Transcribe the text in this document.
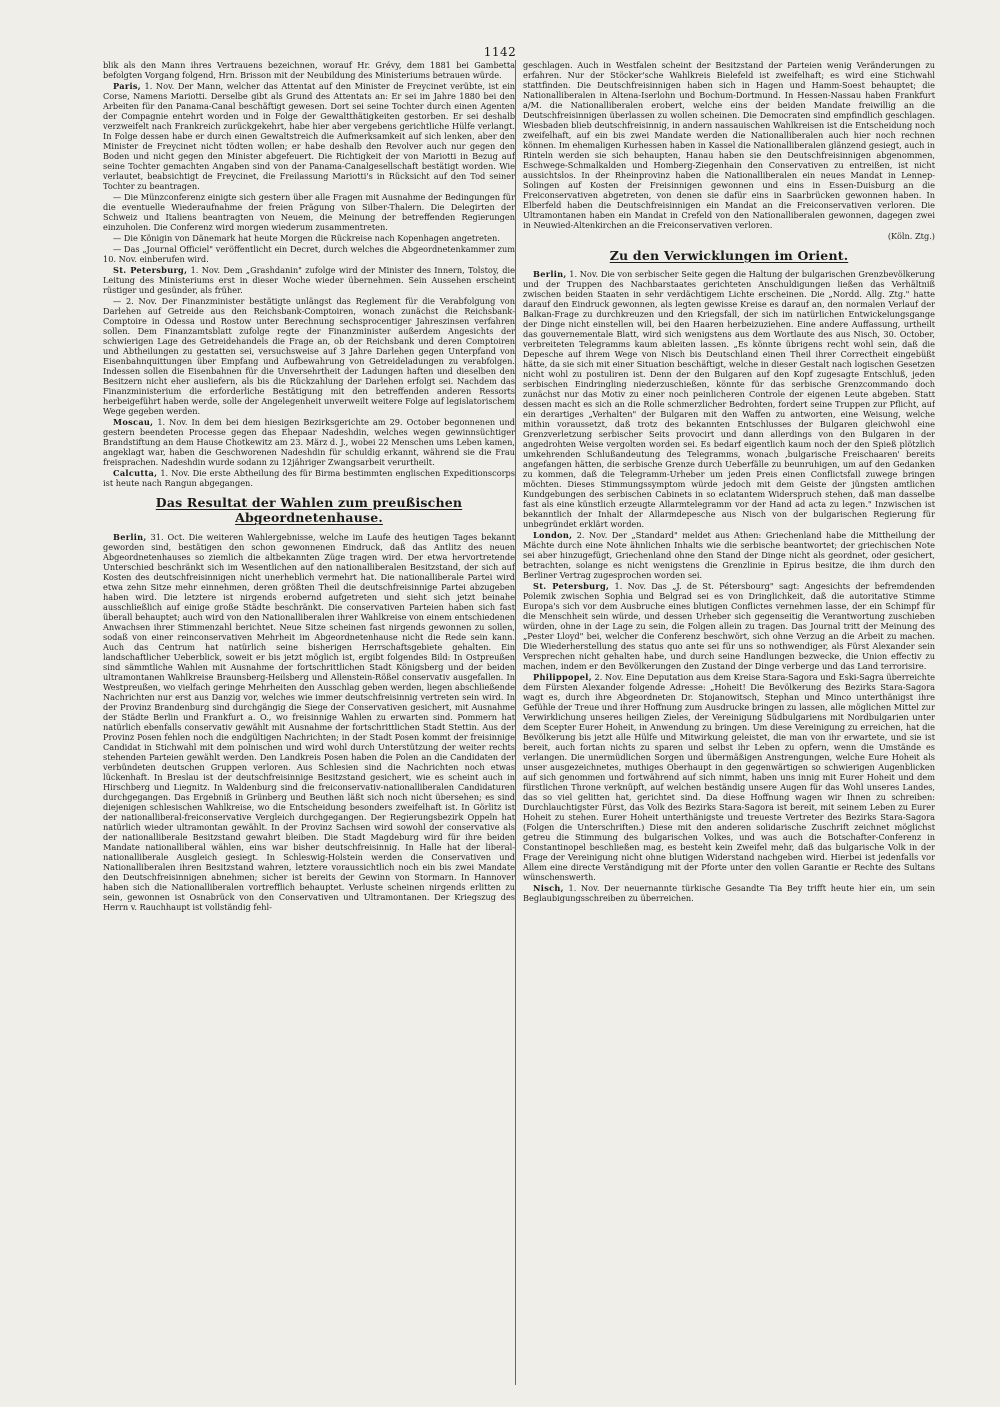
1142

blik als den Mann ihres Vertrauens bezeichnen, worauf Hr. Grévy, dem 1881 bei Gambetta befolgten Vorgang folgend, Hrn. Brisson mit der Neubildung des Ministeriums betrauen würde.

Paris, 1. Nov. Der Mann, welcher das Attentat auf den Minister de Freycinet verübte, ist ein Corse, Namens Mariotti. Derselbe gibt als Grund des Attentats an: Er sei im Jahre 1880 bei den Arbeiten für den Panama-Canal beschäftigt gewesen. Dort sei seine Tochter durch einen Agenten der Compagnie entehrt worden und in Folge der Gewaltthätigkeiten gestorben. Er sei deshalb verzweifelt nach Frankreich zurückgekehrt, habe hier aber vergebens gerichtliche Hülfe verlangt. In Folge dessen habe er durch einen Gewaltstreich die Aufmerksamkeit auf sich lenken, aber den Minister de Freycinet nicht tödten wollen; er habe deshalb den Revolver auch nur gegen den Boden und nicht gegen den Minister abgefeuert. Die Richtigkeit der von Mariotti in Bezug auf seine Tochter gemachten Angaben sind von der Panama-Canalgesellschaft bestätigt worden. Wie verlautet, beabsichtigt de Freycinet, die Freilassung Mariotti's in Rücksicht auf den Tod seiner Tochter zu beantragen.

— Die Münzconferenz einigte sich gestern über alle Fragen mit Ausnahme der Bedingungen für die eventuelle Wiederaufnahme der freien Prägung von Silber-Thalern. Die Delegirten der Schweiz und Italiens beantragten von Neuem, die Meinung der betreffenden Regierungen einzuholen. Die Conferenz wird morgen wiederum zusammentreten.

— Die Königin von Dänemark hat heute Morgen die Rückreise nach Kopenhagen angetreten.

— Das „Journal Officiel" veröffentlicht ein Decret, durch welches die Abgeordnetenkammer zum 10. Nov. einberufen wird.

St. Petersburg, 1. Nov. Dem „Grashdanin" zufolge wird der Minister des Innern, Tolstoy, die Leitung des Ministeriums erst in dieser Woche wieder übernehmen. Sein Aussehen erscheint rüstiger und gesünder, als früher.

— 2. Nov. Der Finanzminister bestätigte unlängst das Reglement für die Verabfolgung von Darlehen auf Getreide aus den Reichsbank-Comptoiren, wonach zunächst die Reichsbank-Comptoire in Odessa und Rostow unter Berechnung sechsprocentiger Jahreszinsen verfahren sollen. Dem Finanzamtsblatt zufolge regte der Finanzminister außerdem Angesichts der schwierigen Lage des Getreidehandels die Frage an, ob der Reichsbank und deren Comptoiren und Abtheilungen zu gestatten sei, versuchsweise auf 3 Jahre Darlehen gegen Unterpfand von Eisenbahnquittungen über Empfang und Aufbewahrung von Getreideladungen zu verabfolgen. Indessen sollen die Eisenbahnen für die Unversehrtheit der Ladungen haften und dieselben den Besitzern nicht eher ausliefern, als bis die Rückzahlung der Darlehen erfolgt sei. Nachdem das Finanzministerium die erforderliche Bestätigung mit den betreffenden anderen Ressorts herbeigeführt haben werde, solle der Angelegenheit unverweilt weitere Folge auf legislatorischem Wege gegeben werden.

Moscau, 1. Nov. In dem bei dem hiesigen Bezirksgerichte am 29. October begonnenen und gestern beendeten Processe gegen das Ehepaar Nadeshdin, welches wegen gewinnsüchtiger Brandstiftung an dem Hause Chotkewitz am 23. März d. J., wobei 22 Menschen ums Leben kamen, angeklagt war, haben die Geschworenen Nadeshdin für schuldig erkannt, während sie die Frau freisprachen. Nadeshdin wurde sodann zu 12jähriger Zwangsarbeit verurtheilt.

Calcutta, 1. Nov. Die erste Abtheilung des für Birma bestimmten englischen Expeditionscorps ist heute nach Rangun abgegangen.

Das Resultat der Wahlen zum preußischen Abgeordnetenhause.

Berlin, 31. Oct. Die weiteren Wahlergebnisse, welche im Laufe des heutigen Tages bekannt geworden sind, bestätigen den schon gewonnenen Eindruck, daß das Antlitz des neuen Abgeordnetenhauses so ziemlich die altbekannten Züge tragen wird. Der etwa hervortretende Unterschied beschränkt sich im Wesentlichen auf den nationalliberalen Besitzstand, der sich auf Kosten des deutschfreisinnigen nicht unerheblich vermehrt hat. Die nationalliberale Partei wird etwa zehn Sitze mehr einnehmen, deren größten Theil die deutschfreisinnige Partei abzugeben haben wird. Die letztere ist nirgends erobernd aufgetreten und sieht sich jetzt beinahe ausschließlich auf einige große Städte beschränkt. Die conservativen Parteien haben sich fast überall behauptet; auch wird von den Nationalliberalen ihrer Wahlkreise von einem entschiedenen Anwachsen ihrer Stimmenzahl berichtet. Neue Sitze scheinen fast nirgends gewonnen zu sollen, sodaß von einer reinconservativen Mehrheit im Abgeordnetenhause nicht die Rede sein kann. Auch das Centrum hat natürlich seine bisherigen Herrschaftsgebiete gehalten. Ein landschaftlicher Ueberblick, soweit er bis jetzt möglich ist, ergibt folgendes Bild: In Ostpreußen sind sämmtliche Wahlen mit Ausnahme der fortschrittlichen Stadt Königsberg und der beiden ultramontanen Wahlkreise Braunsberg-Heilsberg und Allenstein-Rößel conservativ ausgefallen. In Westpreußen, wo vielfach geringe Mehrheiten den Ausschlag geben werden, liegen abschließende Nachrichten nur erst aus Danzig vor, welches wie immer deutschfreisinnig vertreten sein wird. In der Provinz Brandenburg sind durchgängig die Siege der Conservativen gesichert, mit Ausnahme der Städte Berlin und Frankfurt a. O., wo freisinnige Wahlen zu erwarten sind. Pommern hat natürlich ebenfalls conservativ gewählt mit Ausnahme der fortschrittlichen Stadt Stettin. Aus der Provinz Posen fehlen noch die endgültigen Nachrichten; in der Stadt Posen kommt der freisinnige Candidat in Stichwahl mit dem polnischen und wird wohl durch Unterstützung der weiter rechts stehenden Parteien gewählt werden. Den Landkreis Posen haben die Polen an die Candidaten der verbündeten deutschen Gruppen verloren. Aus Schlesien sind die Nachrichten noch etwas lückenhaft. In Breslau ist der deutschfreisinnige Besitzstand gesichert, wie es scheint auch in Hirschberg und Liegnitz. In Waldenburg sind die freiconservativ-nationalliberalen Candidaturen durchgegangen. Das Ergebniß in Grünberg und Beuthen läßt sich noch nicht übersehen; es sind diejenigen schlesischen Wahlkreise, wo die Entscheidung besonders zweifelhaft ist. In Görlitz ist der nationalliberal-freiconservative Vergleich durchgegangen. Der Regierungsbezirk Oppeln hat natürlich wieder ultramontan gewählt. In der Provinz Sachsen wird sowohl der conservative als der nationalliberale Besitzstand gewahrt bleiben. Die Stadt Magdeburg wird für ihre beiden Mandate nationalliberal wählen, eins war bisher deutschfreisinnig. In Halle hat der liberal-nationalliberale Ausgleich gesiegt. In Schleswig-Holstein werden die Conservativen und Nationalliberalen ihren Besitzstand wahren, letztere voraussichtlich noch ein bis zwei Mandate den Deutschfreisinnigen abnehmen; sicher ist bereits der Gewinn von Stormarn. In Hannover haben sich die Nationalliberalen vortrefflich behauptet. Verluste scheinen nirgends erlitten zu sein, gewonnen ist Osnabrück von den Conservativen und Ultramontanen. Der Kriegszug des Herrn v. Rauchhaupt ist vollständig fehl-

geschlagen. Auch in Westfalen scheint der Besitzstand der Parteien wenig Veränderungen zu erfahren. Nur der Stöcker'sche Wahlkreis Bielefeld ist zweifelhaft; es wird eine Stichwahl stattfinden. Die Deutschfreisinnigen haben sich in Hagen und Hamm-Soest behauptet; die Nationalliberalen in Altena-Iserlohn und Bochum-Dortmund. In Hessen-Nassau haben Frankfurt a/M. die Nationalliberalen erobert, welche eins der beiden Mandate freiwillig an die Deutschfreisinnigen überlassen zu wollen scheinen. Die Democraten sind empfindlich geschlagen. Wiesbaden blieb deutschfreisinnig, in andern nassauischen Wahlkreisen ist die Entscheidung noch zweifelhaft, auf ein bis zwei Mandate werden die Nationalliberalen auch hier noch rechnen können. Im ehemaligen Kurhessen haben in Kassel die Nationalliberalen glänzend gesiegt, auch in Rinteln werden sie sich behaupten, Hanau haben sie den Deutschfreisinnigen abgenommen, Eschwege-Schmalkalden und Homberg-Ziegenhain den Conservativen zu entreißen, ist nicht aussichtslos. In der Rheinprovinz haben die Nationalliberalen ein neues Mandat in Lennep-Solingen auf Kosten der Freisinnigen gewonnen und eins in Essen-Duisburg an die Freiconservativen abgetreten, von denen sie dafür eins in Saarbrücken gewonnen haben. In Elberfeld haben die Deutschfreisinnigen ein Mandat an die Freiconservativen verloren. Die Ultramontanen haben ein Mandat in Crefeld von den Nationalliberalen gewonnen, dagegen zwei in Neuwied-Altenkirchen an die Freiconservativen verloren.

(Köln. Ztg.)

Zu den Verwicklungen im Orient.

Berlin, 1. Nov. Die von serbischer Seite gegen die Haltung der bulgarischen Grenzbevölkerung und der Truppen des Nachbarstaates gerichteten Anschuldigungen ließen das Verhältniß zwischen beiden Staaten in sehr verdächtigem Lichte erscheinen. Die „Nordd. Allg. Ztg." hatte darauf den Eindruck gewonnen, als legten gewisse Kreise es darauf an, den normalen Verlauf der Balkan-Frage zu durchkreuzen und den Kriegsfall, der sich im natürlichen Entwickelungsgange der Dinge nicht einstellen will, bei den Haaren herbeizuziehen. Eine andere Auffassung, urtheilt das gouvernementale Blatt, wird sich wenigstens aus dem Wortlaute des aus Nisch, 30. October, verbreiteten Telegramms kaum ableiten lassen. „Es könnte übrigens recht wohl sein, daß die Depesche auf ihrem Wege von Nisch bis Deutschland einen Theil ihrer Correctheit eingebüßt hätte, da sie sich mit einer Situation beschäftigt, welche in dieser Gestalt nach logischen Gesetzen nicht wohl zu postuliren ist. Denn der den Bulgaren auf den Kopf zugesagte Entschluß, jeden serbischen Eindringling niederzuschießen, könnte für das serbische Grenzcommando doch zunächst nur das Motiv zu einer noch peinlicheren Controle der eigenen Leute abgeben. Statt dessen macht es sich an die Rolle schmerzlicher Bedrohten, fordert seine Truppen zur Pflicht, auf ein derartiges „Verhalten" der Bulgaren mit den Waffen zu antworten, eine Weisung, welche mithin voraussetzt, daß trotz des bekannten Entschlusses der Bulgaren gleichwohl eine Grenzverletzung serbischer Seits provocirt und dann allerdings von den Bulgaren in der angedrohten Weise vergolten worden sei. Es bedarf eigentlich kaum noch der den Spieß plötzlich umkehrenden Schlußandeutung des Telegramms, wonach ‚bulgarische Freischaaren' bereits angefangen hätten, die serbische Grenze durch Ueberfälle zu beunruhigen, um auf den Gedanken zu kommen, daß die Telegramm-Urheber um jeden Preis einen Conflictsfall zuwege bringen möchten. Dieses Stimmungssymptom würde jedoch mit dem Geiste der jüngsten amtlichen Kundgebungen des serbischen Cabinets in so eclatantem Widerspruch stehen, daß man dasselbe fast als eine künstlich erzeugte Allarmtelegramm vor der Hand ad acta zu legen." Inzwischen ist bekanntlich der Inhalt der Allarmdepesche aus Nisch von der bulgarischen Regierung für unbegründet erklärt worden.

London, 2. Nov. Der „Standard" meldet aus Athen: Griechenland habe die Mittheilung der Mächte durch eine Note ähnlichen Inhalts wie die serbische beantwortet; der griechischen Note sei aber hinzugefügt, Griechenland ohne den Stand der Dinge nicht als geordnet, oder gesichert, betrachten, solange es nicht wenigstens die Grenzlinie in Epirus besitze, die ihm durch den Berliner Vertrag zugesprochen worden sei.

St. Petersburg, 1. Nov. Das „J. de St. Pétersbourg" sagt: Angesichts der befremdenden Polemik zwischen Sophia und Belgrad sei es von Dringlichkeit, daß die autoritative Stimme Europa's sich vor dem Ausbruche eines blutigen Conflictes vernehmen lasse, der ein Schimpf für die Menschheit sein würde, und dessen Urheber sich gegenseitig die Verantwortung zuschieben würden, ohne in der Lage zu sein, die Folgen allein zu tragen. Das Journal tritt der Meinung des „Pester Lloyd" bei, welcher die Conferenz beschwört, sich ohne Verzug an die Arbeit zu machen. Die Wiederherstellung des status quo ante sei für uns so nothwendiger, als Fürst Alexander sein Versprechen nicht gehalten habe, und durch seine Handlungen bezwecke, die Union effectiv zu machen, indem er den Bevölkerungen den Zustand der Dinge verberge und das Land terrorisire.

Philippopel, 2. Nov. Eine Deputation aus dem Kreise Stara-Sagora und Eski-Sagra überreichte dem Fürsten Alexander folgende Adresse: „Hoheit! Die Bevölkerung des Bezirks Stara-Sagora wagt es, durch ihre Abgeordneten Dr. Stojanowitsch, Stephan und Minco unterthänigst ihre Gefühle der Treue und ihrer Hoffnung zum Ausdrucke bringen zu lassen, alle möglichen Mittel zur Verwirklichung unseres heiligen Zieles, der Vereinigung Südbulgariens mit Nordbulgarien unter dem Scepter Eurer Hoheit, in Anwendung zu bringen. Um diese Vereinigung zu erreichen, hat die Bevölkerung bis jetzt alle Hülfe und Mitwirkung geleistet, die man von ihr erwartete, und sie ist bereit, auch fortan nichts zu sparen und selbst ihr Leben zu opfern, wenn die Umstände es verlangen. Die unermüdlichen Sorgen und übermäßigen Anstrengungen, welche Eure Hoheit als unser ausgezeichnetes, muthiges Oberhaupt in den gegenwärtigen so schwierigen Augenblicken auf sich genommen und fortwährend auf sich nimmt, haben uns innig mit Eurer Hoheit und dem fürstlichen Throne verknüpft, auf welchen beständig unsere Augen für das Wohl unseres Landes, das so viel gelitten hat, gerichtet sind. Da diese Hoffnung wagen wir Ihnen zu schreiben: Durchlauchtigster Fürst, das Volk des Bezirks Stara-Sagora ist bereit, mit seinem Leben zu Eurer Hoheit zu stehen. Eurer Hoheit unterthänigste und treueste Vertreter des Bezirks Stara-Sagora (Folgen die Unterschriften.) Diese mit den anderen solidarische Zuschrift zeichnet möglichst getreu die Stimmung des bulgarischen Volkes, und was auch die Botschafter-Conferenz in Constantinopel beschließen mag, es besteht kein Zweifel mehr, daß das bulgarische Volk in der Frage der Vereinigung nicht ohne blutigen Widerstand nachgeben wird. Hierbei ist jedenfalls vor Allem eine directe Verständigung mit der Pforte unter den vollen Garantie er Rechte des Sultans wünschenswerth.

Nisch, 1. Nov. Der neuernannte türkische Gesandte Tia Bey trifft heute hier ein, um sein Beglaubigungsschreiben zu überreichen.
